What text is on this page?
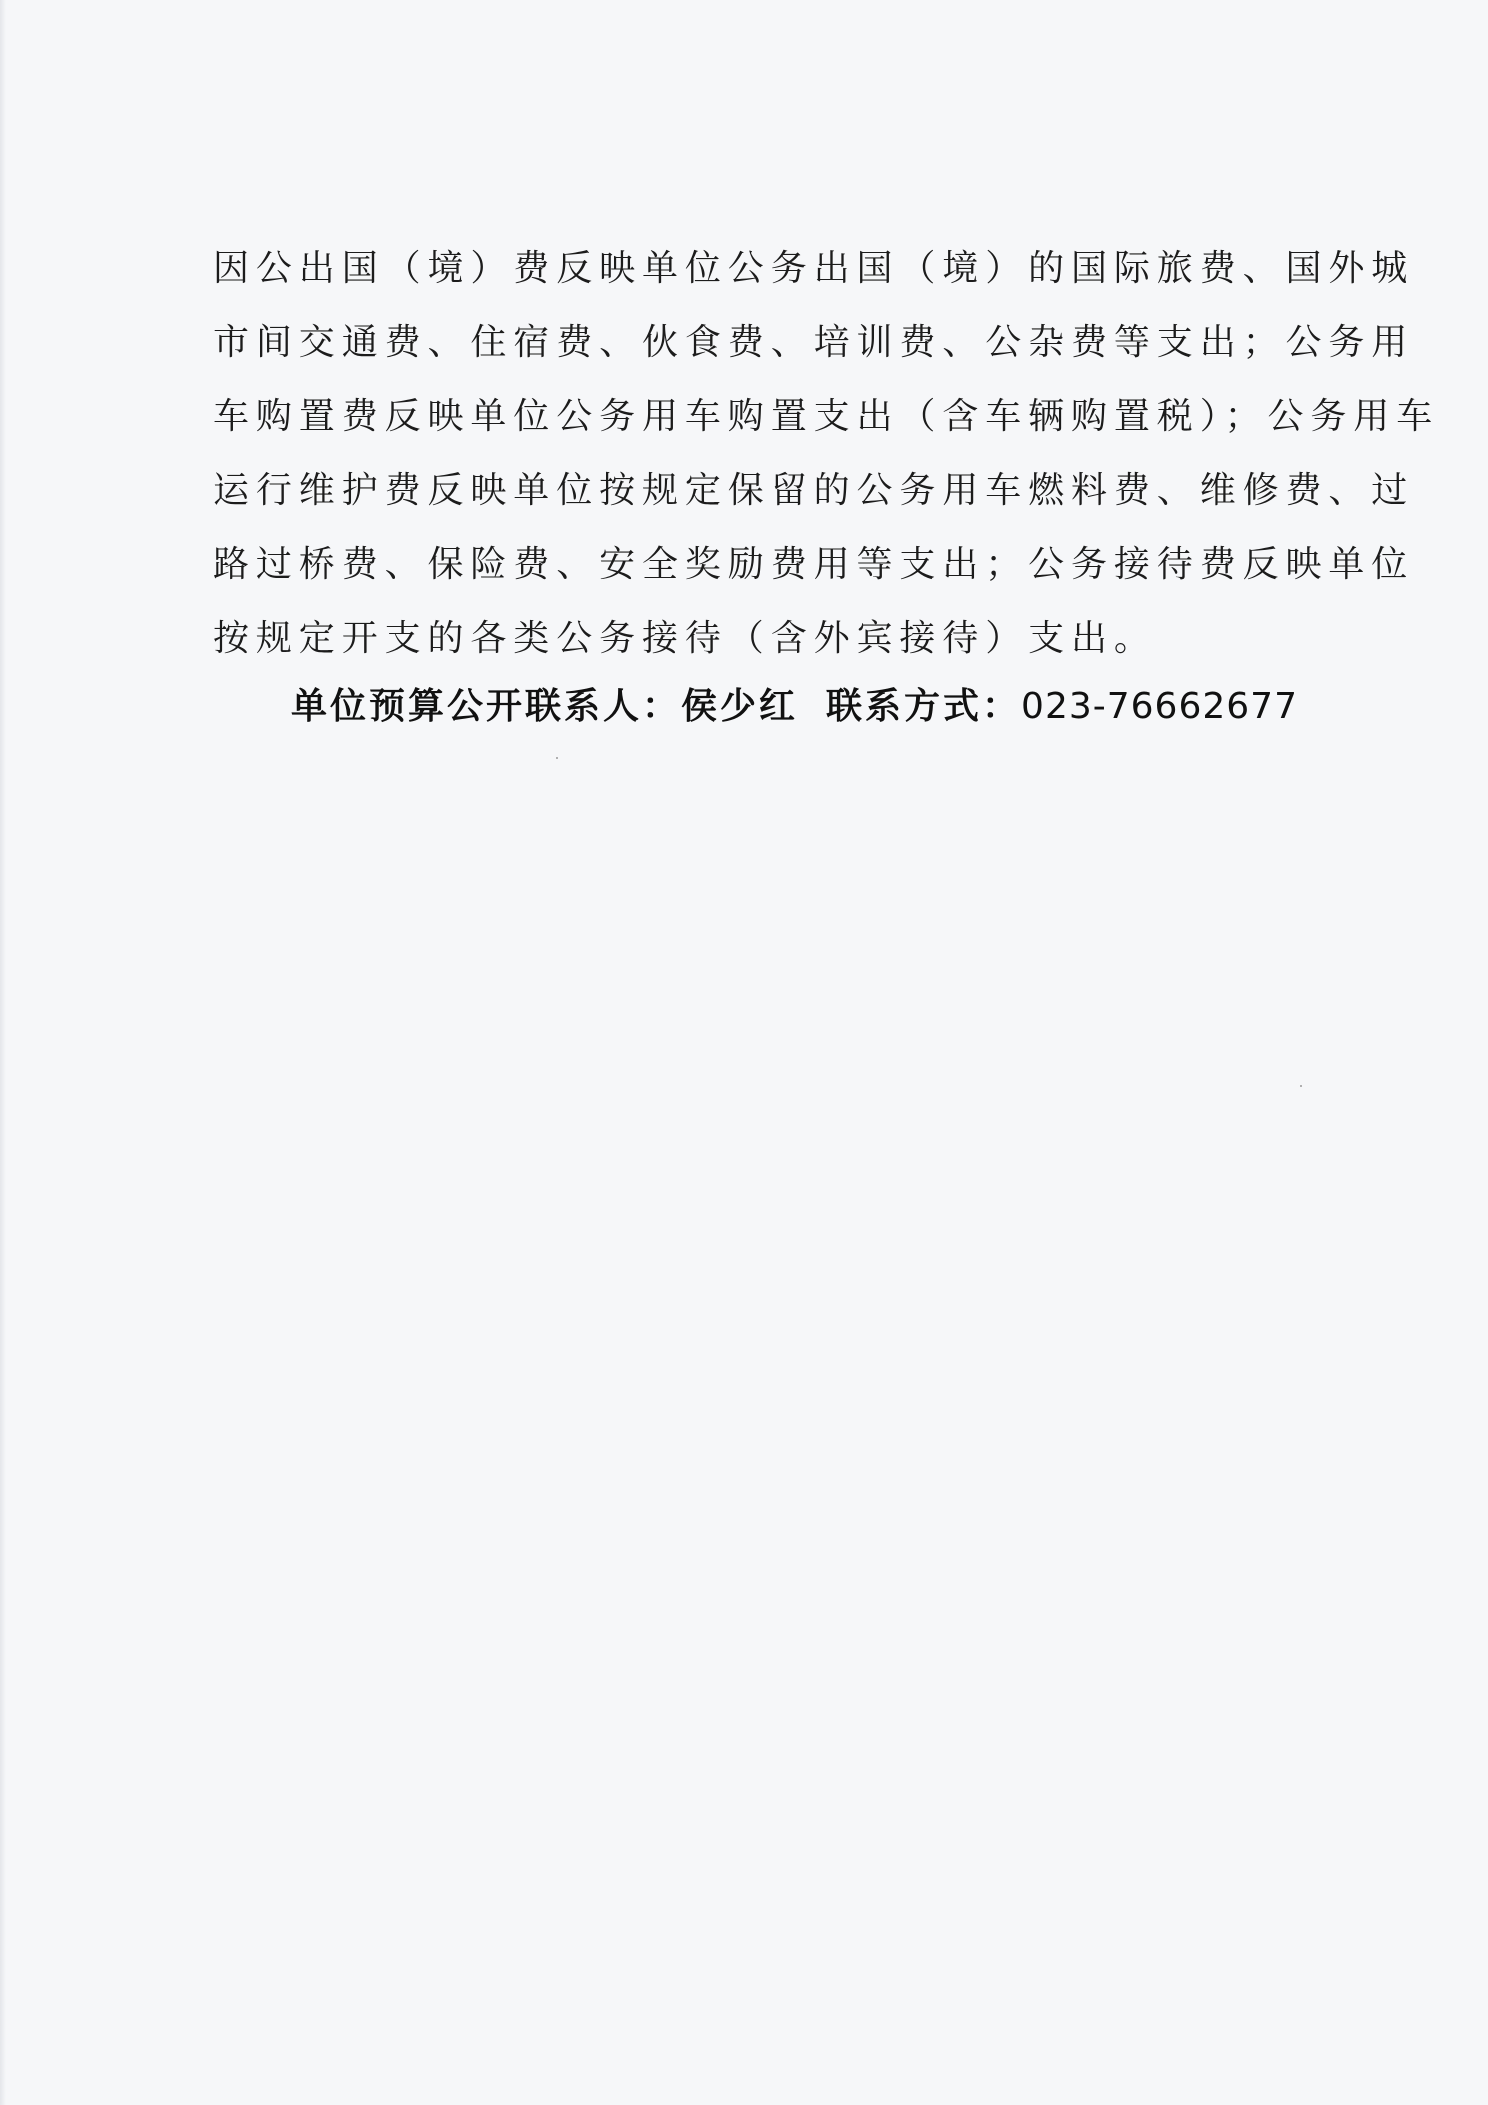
因公出国（境）费反映单位公务出国（境）的国际旅费、国外城
市间交通费、住宿费、伙食费、培训费、公杂费等支出；公务用
车购置费反映单位公务用车购置支出（含车辆购置税）；公务用车
运行维护费反映单位按规定保留的公务用车燃料费、维修费、过
路过桥费、保险费、安全奖励费用等支出；公务接待费反映单位
按规定开支的各类公务接待（含外宾接待）支出。

单位预算公开联系人：侯少红 联系方式：023-76662677
